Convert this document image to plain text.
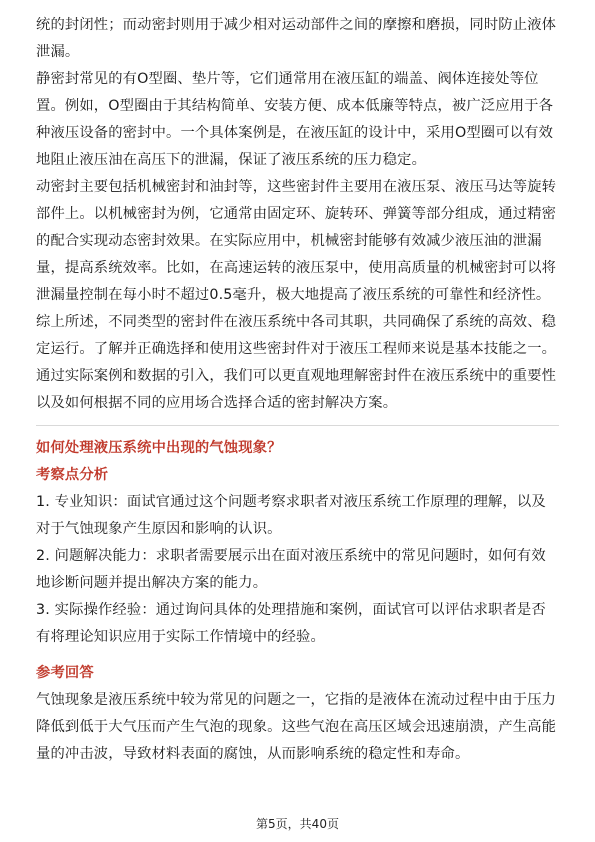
统的封闭性；而动密封则用于减少相对运动部件之间的摩擦和磨损，同时防止液体泄漏。

静密封常见的有O型圈、垫片等，它们通常用在液压缸的端盖、阀体连接处等位置。例如，O型圈由于其结构简单、安装方便、成本低廉等特点，被广泛应用于各种液压设备的密封中。一个具体案例是，在液压缸的设计中，采用O型圈可以有效地阻止液压油在高压下的泄漏，保证了液压系统的压力稳定。

动密封主要包括机械密封和油封等，这些密封件主要用在液压泵、液压马达等旋转部件上。以机械密封为例，它通常由固定环、旋转环、弹簧等部分组成，通过精密的配合实现动态密封效果。在实际应用中，机械密封能够有效减少液压油的泄漏量，提高系统效率。比如，在高速运转的液压泵中，使用高质量的机械密封可以将泄漏量控制在每小时不超过0.5毫升，极大地提高了液压系统的可靠性和经济性。

综上所述，不同类型的密封件在液压系统中各司其职，共同确保了系统的高效、稳定运行。了解并正确选择和使用这些密封件对于液压工程师来说是基本技能之一。通过实际案例和数据的引入，我们可以更直观地理解密封件在液压系统中的重要性以及如何根据不同的应用场合选择合适的密封解决方案。

如何处理液压系统中出现的气蚀现象？

考察点分析

1. 专业知识：面试官通过这个问题考察求职者对液压系统工作原理的理解，以及对于气蚀现象产生原因和影响的认识。

2. 问题解决能力：求职者需要展示出在面对液压系统中的常见问题时，如何有效地诊断问题并提出解决方案的能力。

3. 实际操作经验：通过询问具体的处理措施和案例，面试官可以评估求职者是否有将理论知识应用于实际工作情境中的经验。

参考回答

气蚀现象是液压系统中较为常见的问题之一，它指的是液体在流动过程中由于压力降低到低于大气压而产生气泡的现象。这些气泡在高压区域会迅速崩溃，产生高能量的冲击波，导致材料表面的腐蚀，从而影响系统的稳定性和寿命。

第5页，共40页
